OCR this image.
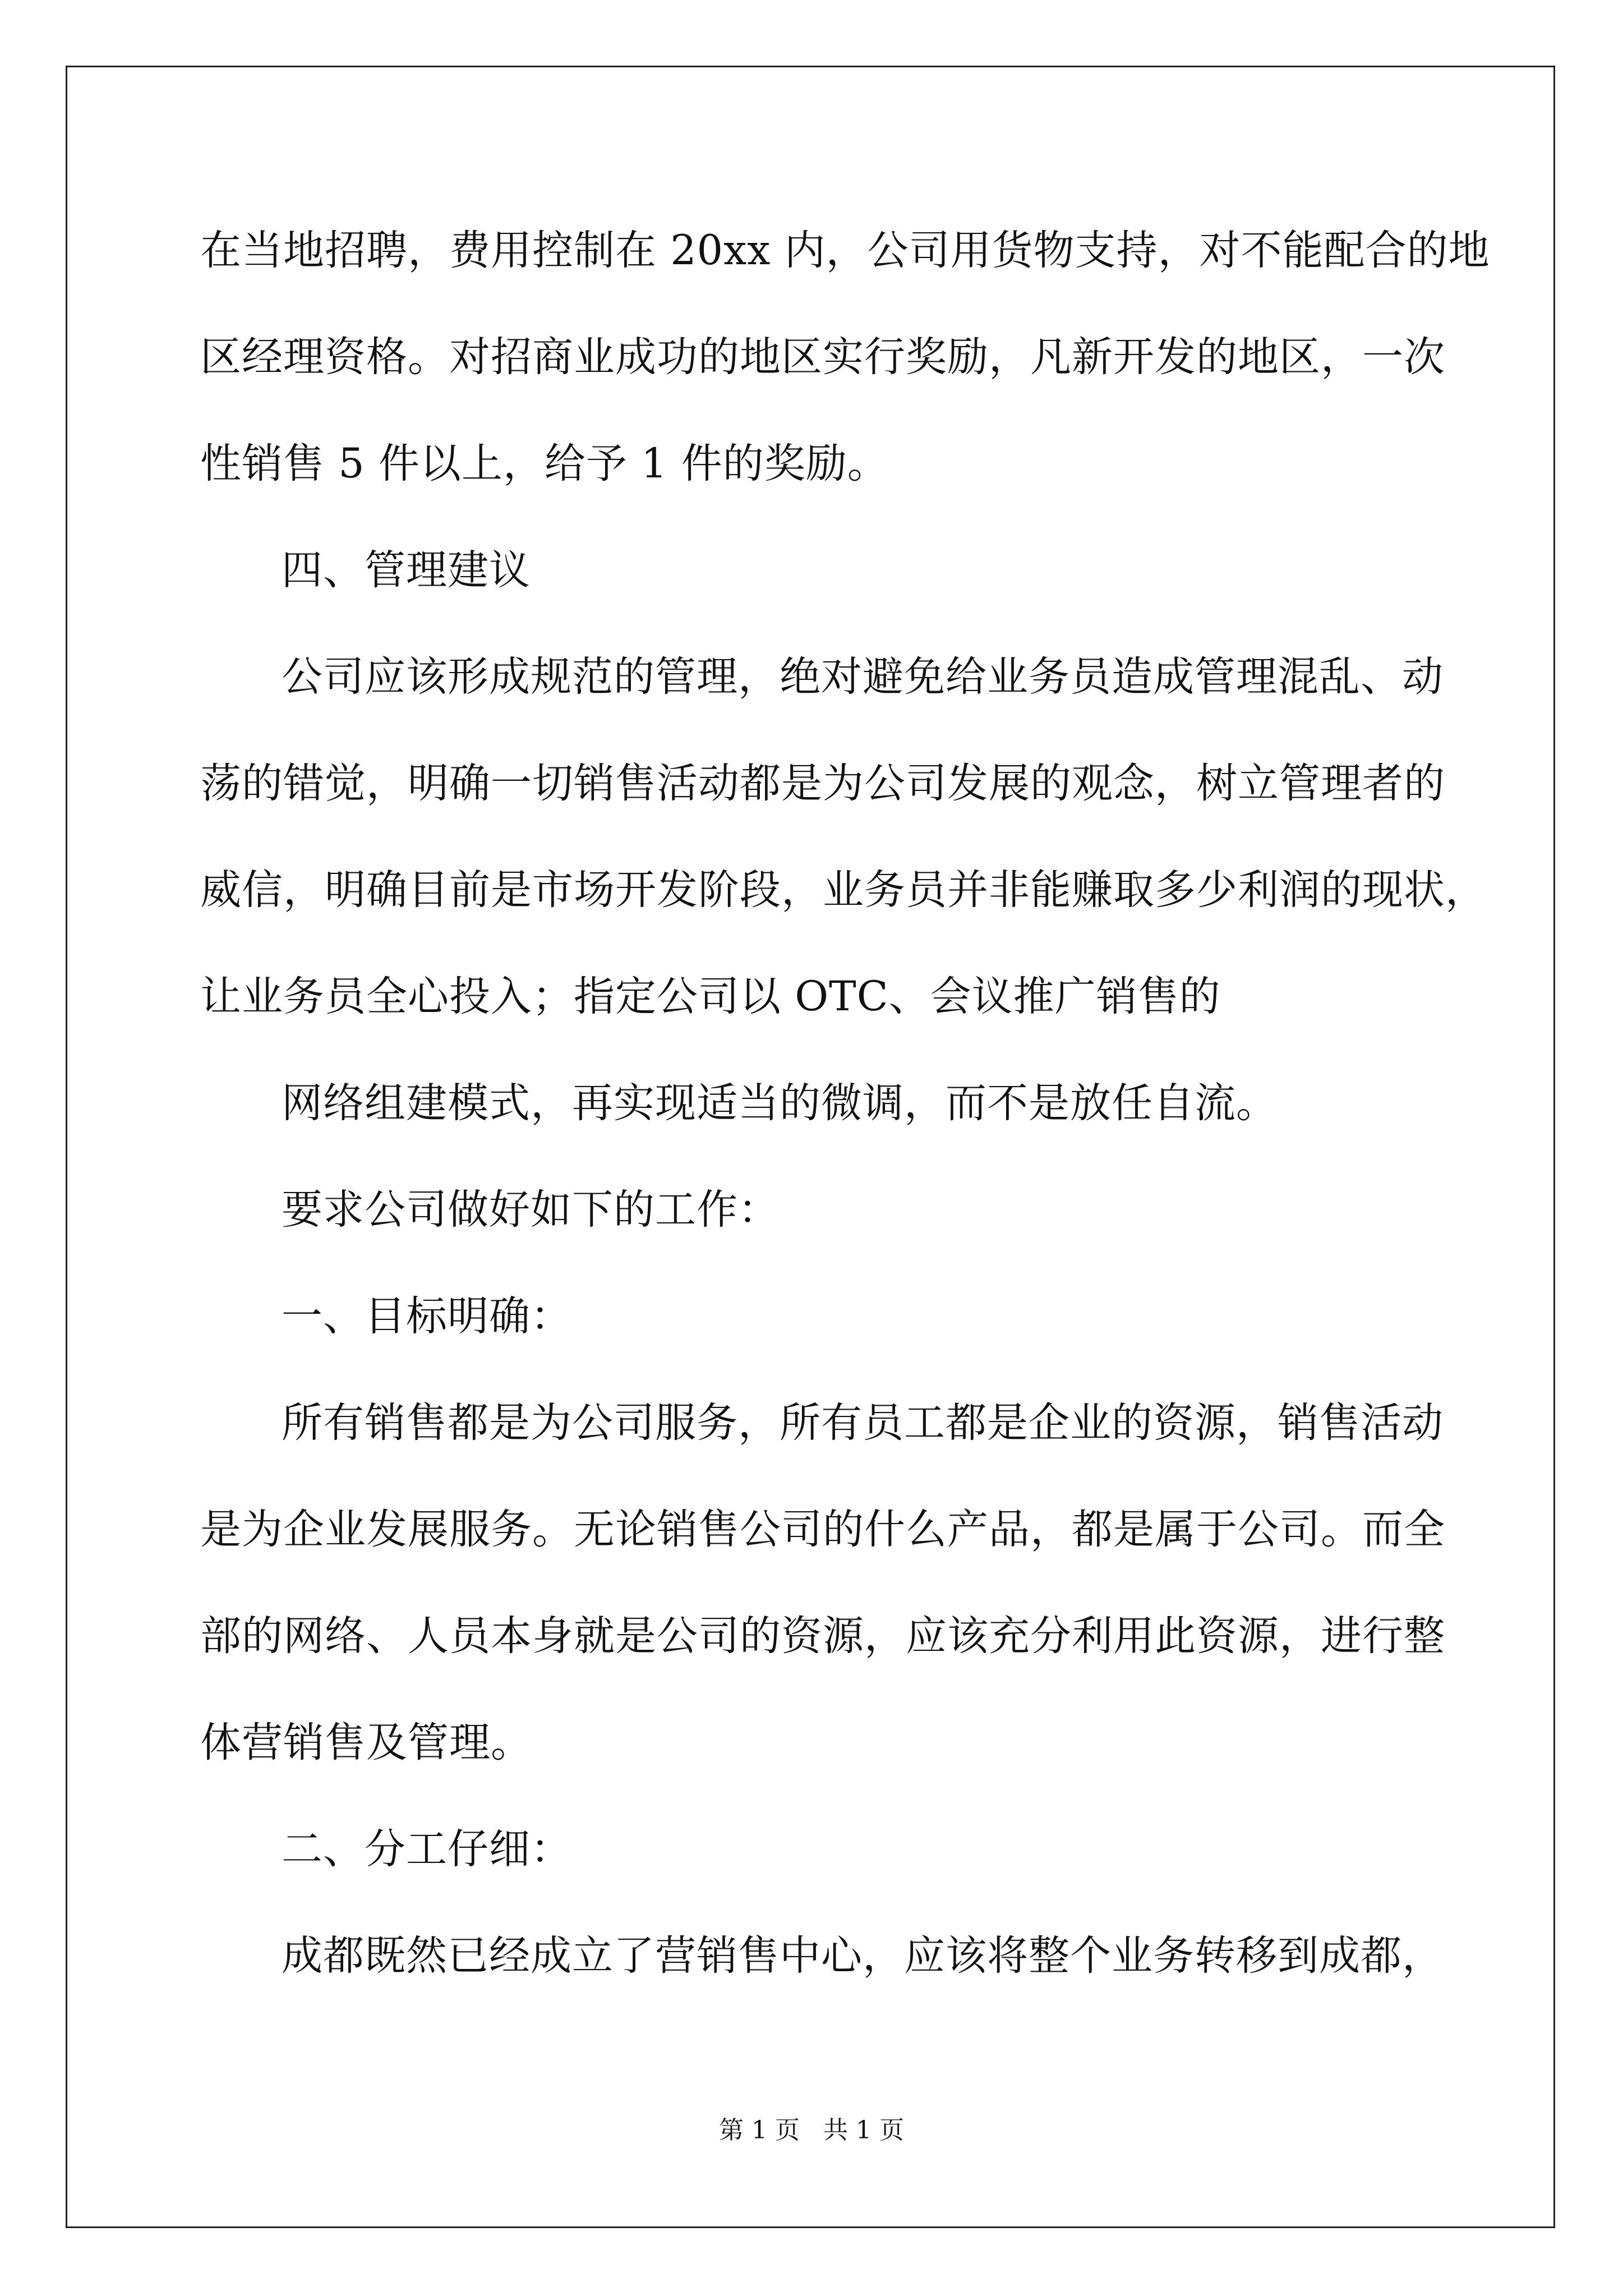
在当地招聘，费用控制在 20xx 内，公司用货物支持，对不能配合的地
区经理资格。对招商业成功的地区实行奖励，凡新开发的地区，一次
性销售 5 件以上，给予 1 件的奖励。
四、管理建议
公司应该形成规范的管理，绝对避免给业务员造成管理混乱、动
荡的错觉，明确一切销售活动都是为公司发展的观念，树立管理者的
威信，明确目前是市场开发阶段，业务员并非能赚取多少利润的现状，
让业务员全心投入；指定公司以 OTC、会议推广销售的
网络组建模式，再实现适当的微调，而不是放任自流。
要求公司做好如下的工作：
一、目标明确：
所有销售都是为公司服务，所有员工都是企业的资源，销售活动
是为企业发展服务。无论销售公司的什么产品，都是属于公司。而全
部的网络、人员本身就是公司的资源，应该充分利用此资源，进行整
体营销售及管理。
二、分工仔细：
成都既然已经成立了营销售中心，应该将整个业务转移到成都，
第 1 页 共 1 页
